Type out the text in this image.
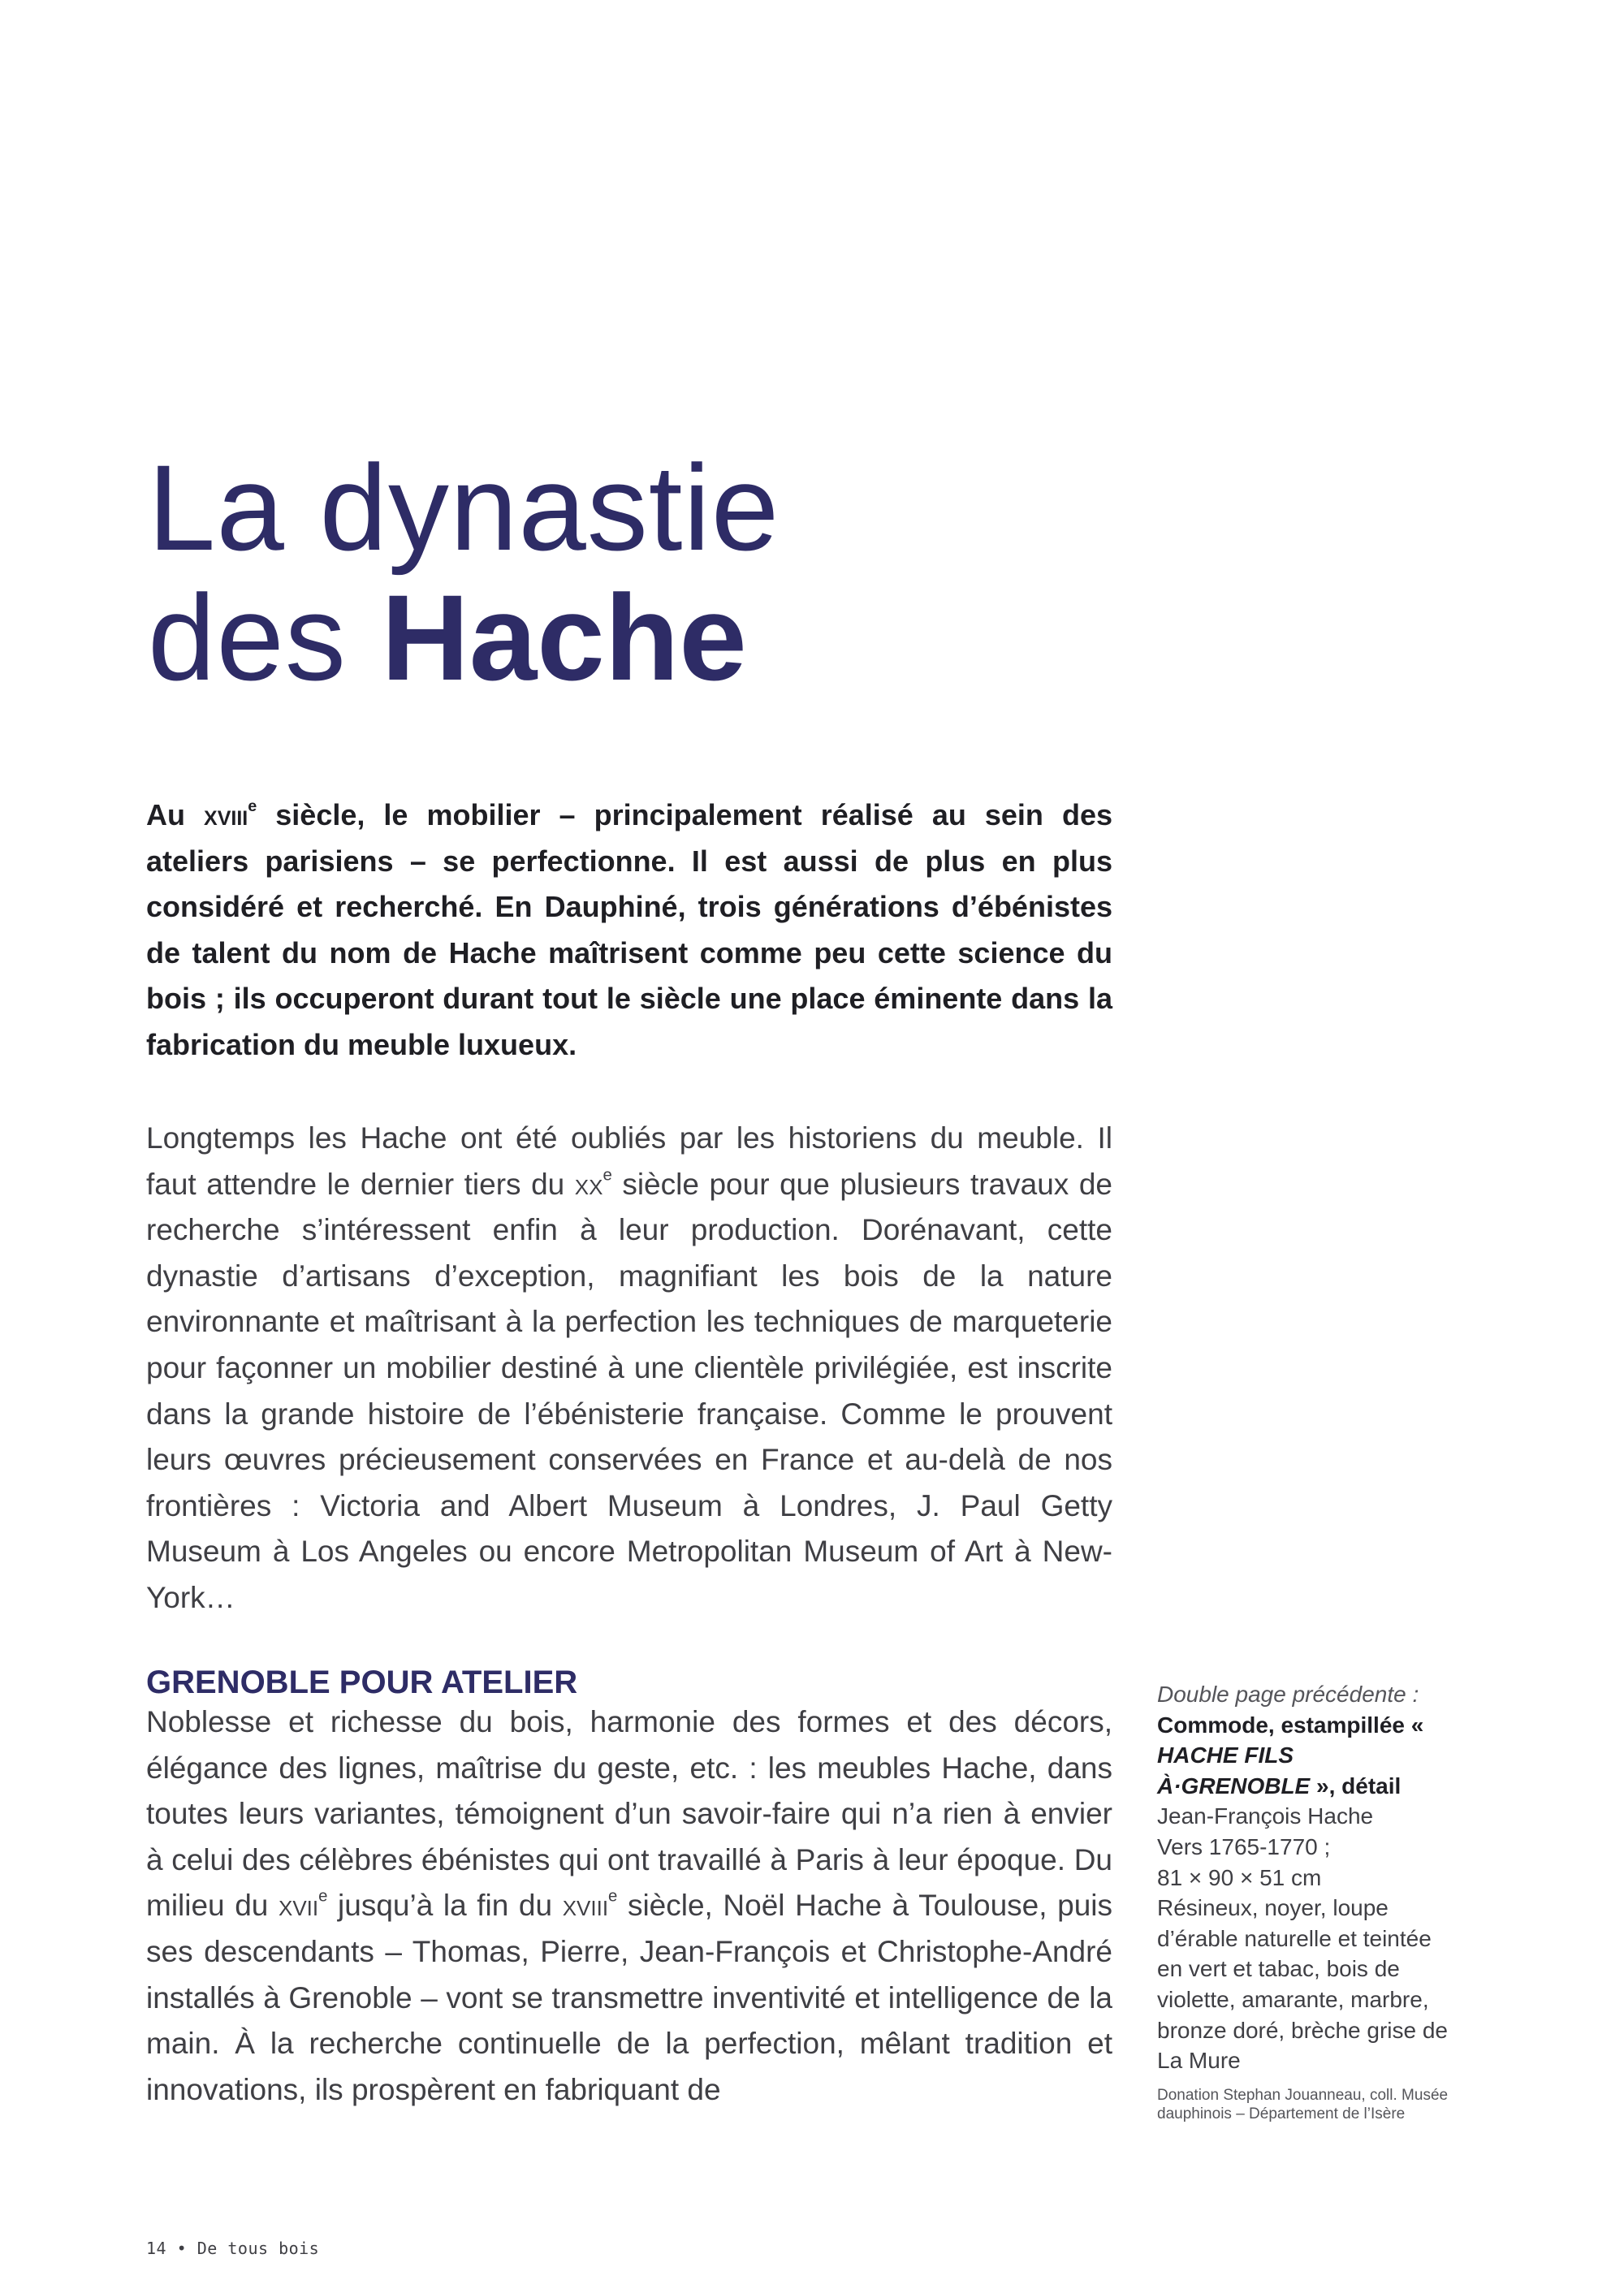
La dynastie
des Hache

Au xviii$^e$ siècle, le mobilier – principalement réalisé au sein des ateliers parisiens – se perfectionne. Il est aussi de plus en plus considéré et recherché. En Dauphiné, trois générations d’ébénistes de talent du nom de Hache maîtrisent comme peu cette science du bois ; ils occuperont durant tout le siècle une place éminente dans la fabrication du meuble luxueux.

Longtemps les Hache ont été oubliés par les historiens du meuble. Il faut attendre le dernier tiers du $xx^e$ siècle pour que plusieurs travaux de recherche s’intéressent enfin à leur production. Dorénavant, cette dynastie d’artisans d’exception, magnifiant les bois de la nature environnante et maîtrisant à la perfection les techniques de marqueterie pour façonner un mobilier destiné à une clientèle privilégiée, est inscrite dans la grande histoire de l’ébénisterie française. Comme le prouvent leurs œuvres précieusement conservées en France et au-delà de nos frontières : Victoria and Albert Museum à Londres, J. Paul Getty Museum à Los Angeles ou encore Metropolitan Museum of Art à New-York…

GRENOBLE POUR ATELIER

Noblesse et richesse du bois, harmonie des formes et des décors, élégance des lignes, maîtrise du geste, etc. : les meubles Hache, dans toutes leurs variantes, témoignent d’un savoir-faire qui n’a rien à envier à celui des célèbres ébénistes qui ont travaillé à Paris à leur époque. Du milieu du xvii$^e$ jusqu’à la fin du xviii$^e$ siècle, Noël Hache à Toulouse, puis ses descendants – Thomas, Pierre, Jean-François et Christophe-André installés à Grenoble – vont se transmettre inventivité et intelligence de la main. À la recherche continuelle de la perfection, mêlant tradition et innovations, ils prospèrent en fabriquant de

Double page précédente :
Commode, estampillée « HACHE FILS À·GRENOBLE », détail
Jean-François Hache
Vers 1765-1770 ;
81 × 90 × 51 cm
Résineux, noyer, loupe d’érable naturelle et teintée en vert et tabac, bois de violette, amarante, marbre, bronze doré, brèche grise de La Mure
Donation Stephan Jouanneau, coll. Musée dauphinois – Département de l’Isère
14 • De tous bois
